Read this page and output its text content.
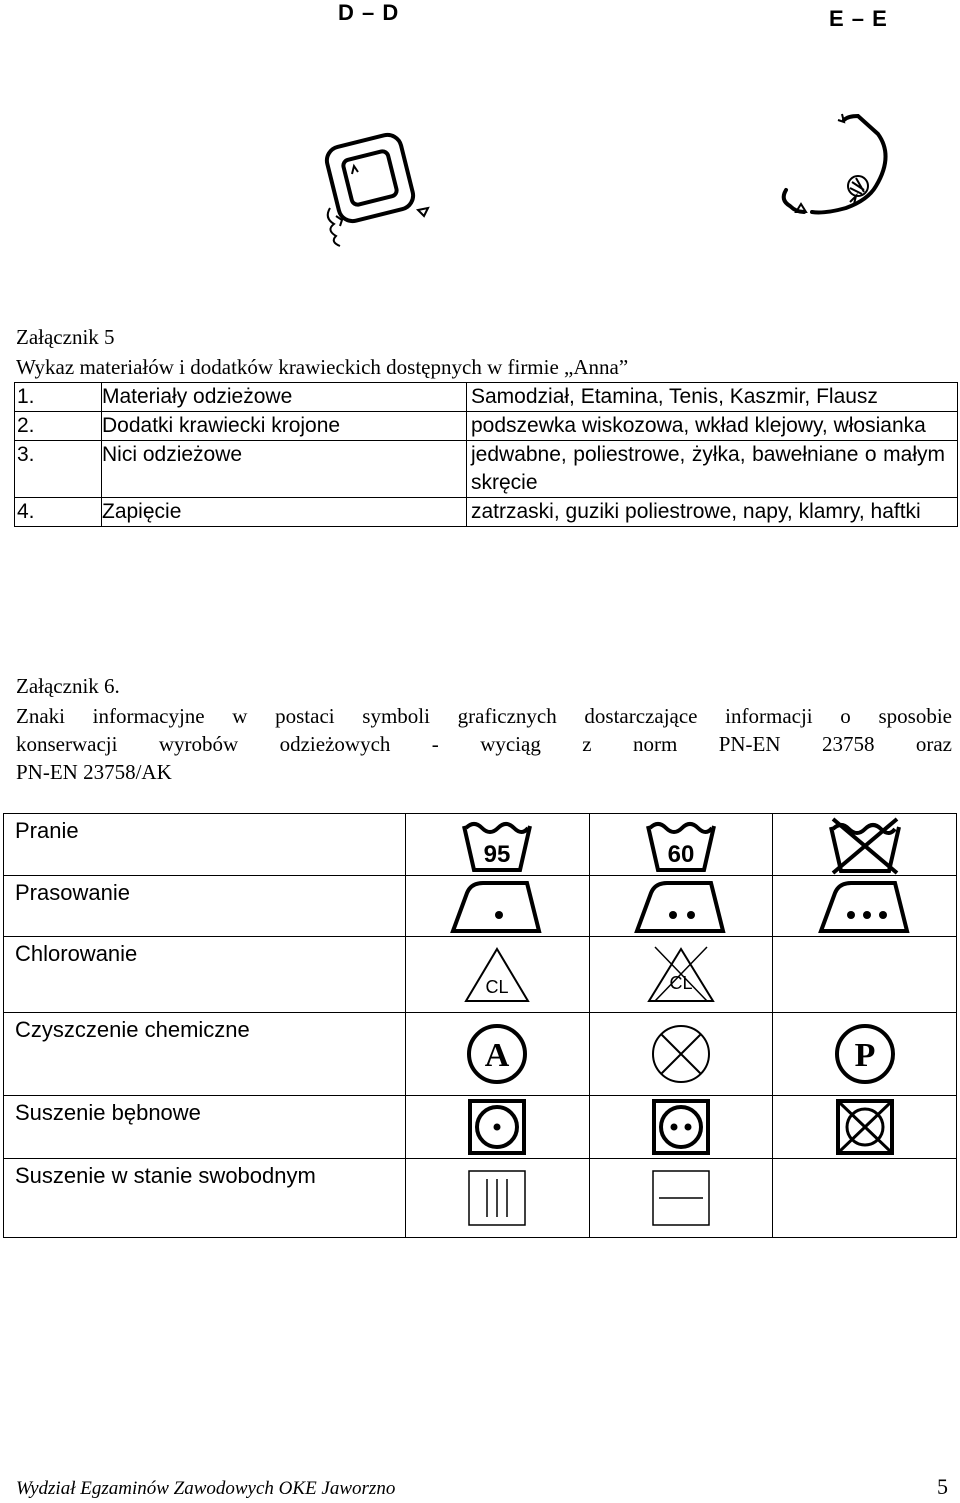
D – D	E – E
Załącznik 5
Wykaz materiałów i dodatków krawieckich dostępnych w firmie „Anna”
1.	Materiały odzieżowe	Samodział, Etamina, Tenis, Kaszmir, Flausz
2.	Dodatki krawiecki krojone	podszewka wiskozowa, wkład klejowy, włosianka
3.	Nici odzieżowe	jedwabne, poliestrowe, żyłka, bawełniane o małym skręcie
4.	Zapięcie	zatrzaski, guziki poliestrowe, napy, klamry, haftki
Załącznik 6.
Znaki informacyjne w postaci symboli graficznych dostarczające informacji o sposobie
konserwacji wyrobów odzieżowych - wyciąg z norm PN-EN 23758 oraz
PN-EN 23758/AK
Pranie	95	60

Prasowanie	

Chlorowanie	CL	CL	

Czyszczenie chemiczne	A		P

Suszenie bębnowe	

Suszenie w stanie swobodnym	

Wydział Egzaminów Zawodowych OKE Jaworzno	5
